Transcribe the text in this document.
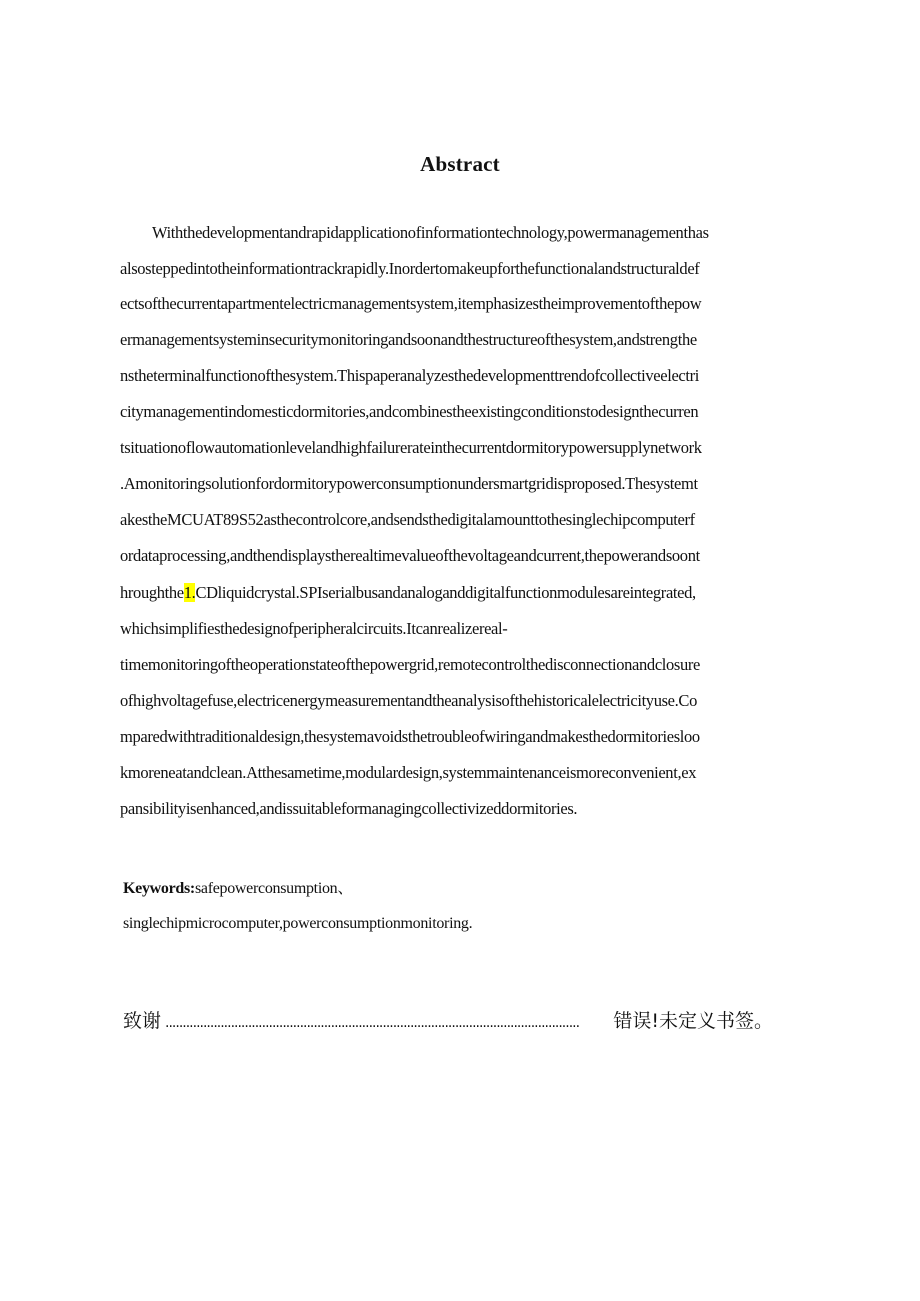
Abstract
Withthedevelopmentandrapidapplicationofinformationtechnology,powermanagementhas
alsosteppedintotheinformationtrackrapidly.Inordertomakeupforthefunctionalandstructuraldef
ectsofthecurrentapartmentelectricmanagementsystem,itemphasizestheimprovementofthepow
ermanagementsysteminsecuritymonitoringandsoonandthestructureofthesystem,andstrengthe
nstheterminalfunctionofthesystem.Thispaperanalyzesthedevelopmenttrendofcollectiveelectri
citymanagementindomesticdormitories,andcombinestheexistingconditionstodesignthecurren
tsituationoflowautomationlevelandhighfailurerateinthecurrentdormitorypowersupplynetwork
.Amonitoringsolutionfordormitorypowerconsumptionundersmartgridisproposed.Thesystemt
akestheMCUAT89S52asthecontrolcore,andsendsthedigitalamounttothesinglechipcomputerf
ordataprocessing,andthendisplaystherealtimevalueofthevoltageandcurrent,thepowerandsoont
hroughthe1.CDliquidcrystal.SPIserialbusandanaloganddigitalfunctionmodulesareintegrated,
whichsimplifiesthedesignofperipheralcircuits.Itcanrealizereal-
timemonitoringoftheoperationstateofthepowergrid,remotecontrolthedisconnectionandclosure
ofhighvoltagefuse,electricenergymeasurementandtheanalysisofthehistoricalelectricityuse.Co
mparedwithtraditionaldesign,thesystemavoidsthetroubleofwiringandmakesthedormitoriesloo
kmoreneatandclean.Atthesametime,modulardesign,systemmaintenanceismoreconvenient,ex
pansibilityisenhanced,andissuitableformanagingcollectivizeddormitories.
Keywords:safepowerconsumption、
singlechipmicrocomputer,powerconsumptionmonitoring.
致谢 ........................................................................................................................	错误!未定义书签。
